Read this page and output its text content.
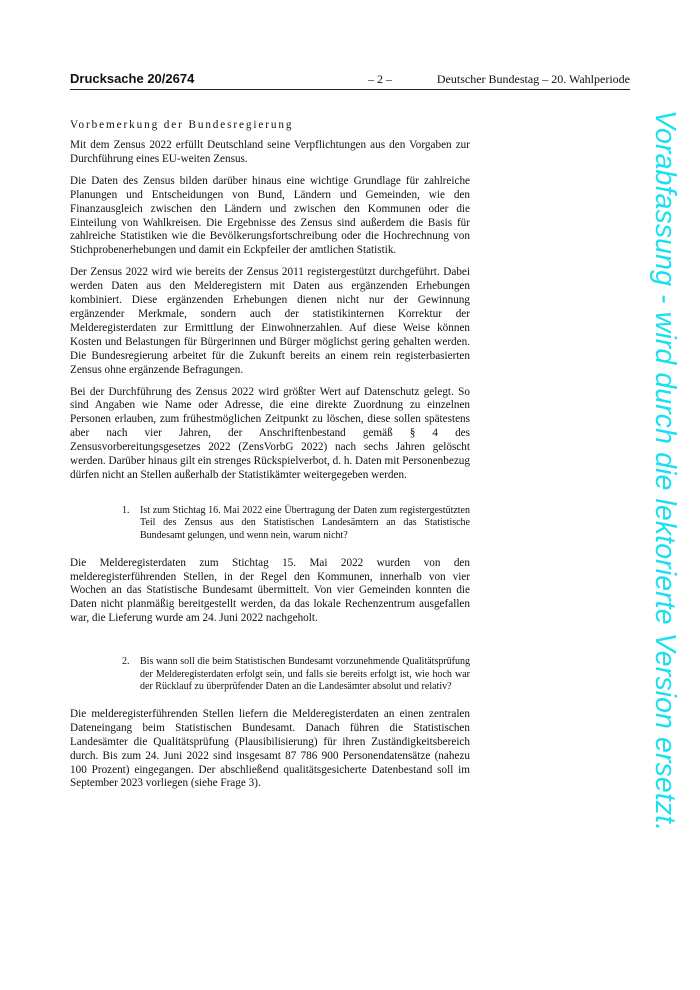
Drucksache 20/2674	– 2 –	Deutscher Bundestag – 20. Wahlperiode

Vorbemerkung der Bundesregierung

Mit dem Zensus 2022 erfüllt Deutschland seine Verpflichtungen aus den Vorgaben zur Durchführung eines EU-weiten Zensus.

Die Daten des Zensus bilden darüber hinaus eine wichtige Grundlage für zahlreiche Planungen und Entscheidungen von Bund, Ländern und Gemeinden, wie den Finanzausgleich zwischen den Ländern und zwischen den Kommunen oder die Einteilung von Wahlkreisen. Die Ergebnisse des Zensus sind außerdem die Basis für zahlreiche Statistiken wie die Bevölkerungsfortschreibung oder die Hochrechnung von Stichprobenerhebungen und damit ein Eckpfeiler der amtlichen Statistik.

Der Zensus 2022 wird wie bereits der Zensus 2011 registergestützt durchgeführt. Dabei werden Daten aus den Melderegistern mit Daten aus ergänzenden Erhebungen kombiniert. Diese ergänzenden Erhebungen dienen nicht nur der Gewinnung ergänzender Merkmale, sondern auch der statistikinternen Korrektur der Melderegisterdaten zur Ermittlung der Einwohnerzahlen. Auf diese Weise können Kosten und Belastungen für Bürgerinnen und Bürger möglichst gering gehalten werden. Die Bundesregierung arbeitet für die Zukunft bereits an einem rein registerbasierten Zensus ohne ergänzende Befragungen.

Bei der Durchführung des Zensus 2022 wird größter Wert auf Datenschutz gelegt. So sind Angaben wie Name oder Adresse, die eine direkte Zuordnung zu einzelnen Personen erlauben, zum frühestmöglichen Zeitpunkt zu löschen, diese sollen spätestens aber nach vier Jahren, der Anschriftenbestand gemäß § 4 des Zensusvorbereitungsgesetzes 2022 (ZensVorbG 2022) nach sechs Jahren gelöscht werden. Darüber hinaus gilt ein strenges Rückspielverbot, d. h. Daten mit Personenbezug dürfen nicht an Stellen außerhalb der Statistikämter weitergegeben werden.

1. Ist zum Stichtag 16. Mai 2022 eine Übertragung der Daten zum registergestützten Teil des Zensus aus den Statistischen Landesämtern an das Statistische Bundesamt gelungen, und wenn nein, warum nicht?

Die Melderegisterdaten zum Stichtag 15. Mai 2022 wurden von den melderegisterführenden Stellen, in der Regel den Kommunen, innerhalb von vier Wochen an das Statistische Bundesamt übermittelt. Von vier Gemeinden konnten die Daten nicht planmäßig bereitgestellt werden, da das lokale Rechenzentrum ausgefallen war, die Lieferung wurde am 24. Juni 2022 nachgeholt.

2. Bis wann soll die beim Statistischen Bundesamt vorzunehmende Qualitätsprüfung der Melderegisterdaten erfolgt sein, und falls sie bereits erfolgt ist, wie hoch war der Rücklauf zu überprüfender Daten an die Landesämter absolut und relativ?

Die melderegisterführenden Stellen liefern die Melderegisterdaten an einen zentralen Dateneingang beim Statistischen Bundesamt. Danach führen die Statistischen Landesämter die Qualitätsprüfung (Plausibilisierung) für ihren Zuständigkeitsbereich durch. Bis zum 24. Juni 2022 sind insgesamt 87 786 900 Personendatensätze (nahezu 100 Prozent) eingegangen. Der abschließend qualitätsgesicherte Datenbestand soll im September 2023 vorliegen (siehe Frage 3).	Vorabfassung - wird durch die lektorierte Version ersetzt.
